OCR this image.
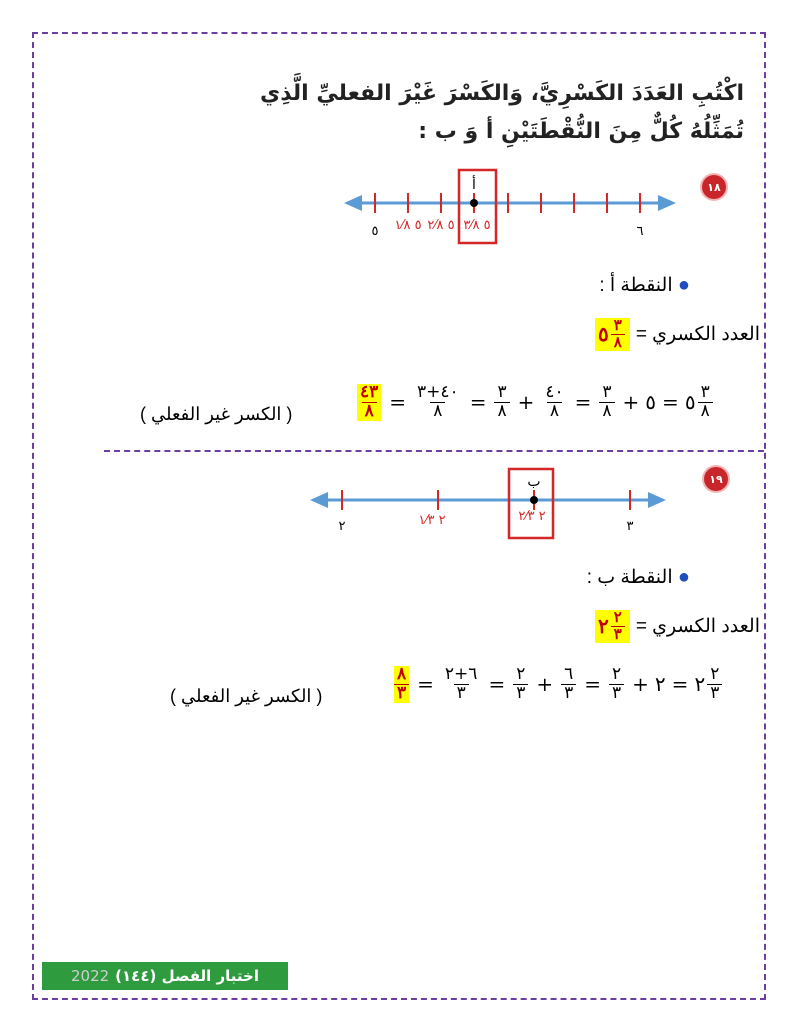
اكْتُبِ العَدَدَ الكَسْرِيَّ، وَالكَسْرَ غَيْرَ الفعليِّ الَّذِي
تُمَثِّلُهُ كُلٌّ مِنَ النُّقْطَتَيْنِ أ وَ ب :
١٨
أ
٥	٦
٥ ١⁄٨ ٥ ٢⁄٨ ٥ ٣⁄٨
● النقطة أ :
العدد الكسري =
٥ $\frac{٣}{٨}$
$\frac{٤٣}{٨} = \frac{٤٠+٣}{٨} = \frac{٣}{٨} + \frac{٤٠}{٨} = \frac{٣}{٨}$ + ٥ = ٥ $\frac{٣}{٨}$
( الكسر غير الفعلي )
١٩
ب
٢	٣
٢ ١⁄٣	٢ ٢⁄٣
● النقطة ب :
العدد الكسري =
٢ $\frac{٢}{٣}$
$\frac{٨}{٣} = \frac{٦+٢}{٣} = \frac{٢}{٣} + \frac{٦}{٣} = \frac{٢}{٣}$ + ٢ = ٢ $\frac{٢}{٣}$
( الكسر غير الفعلي )
اختبار الفصل (١٤٤)
2022
